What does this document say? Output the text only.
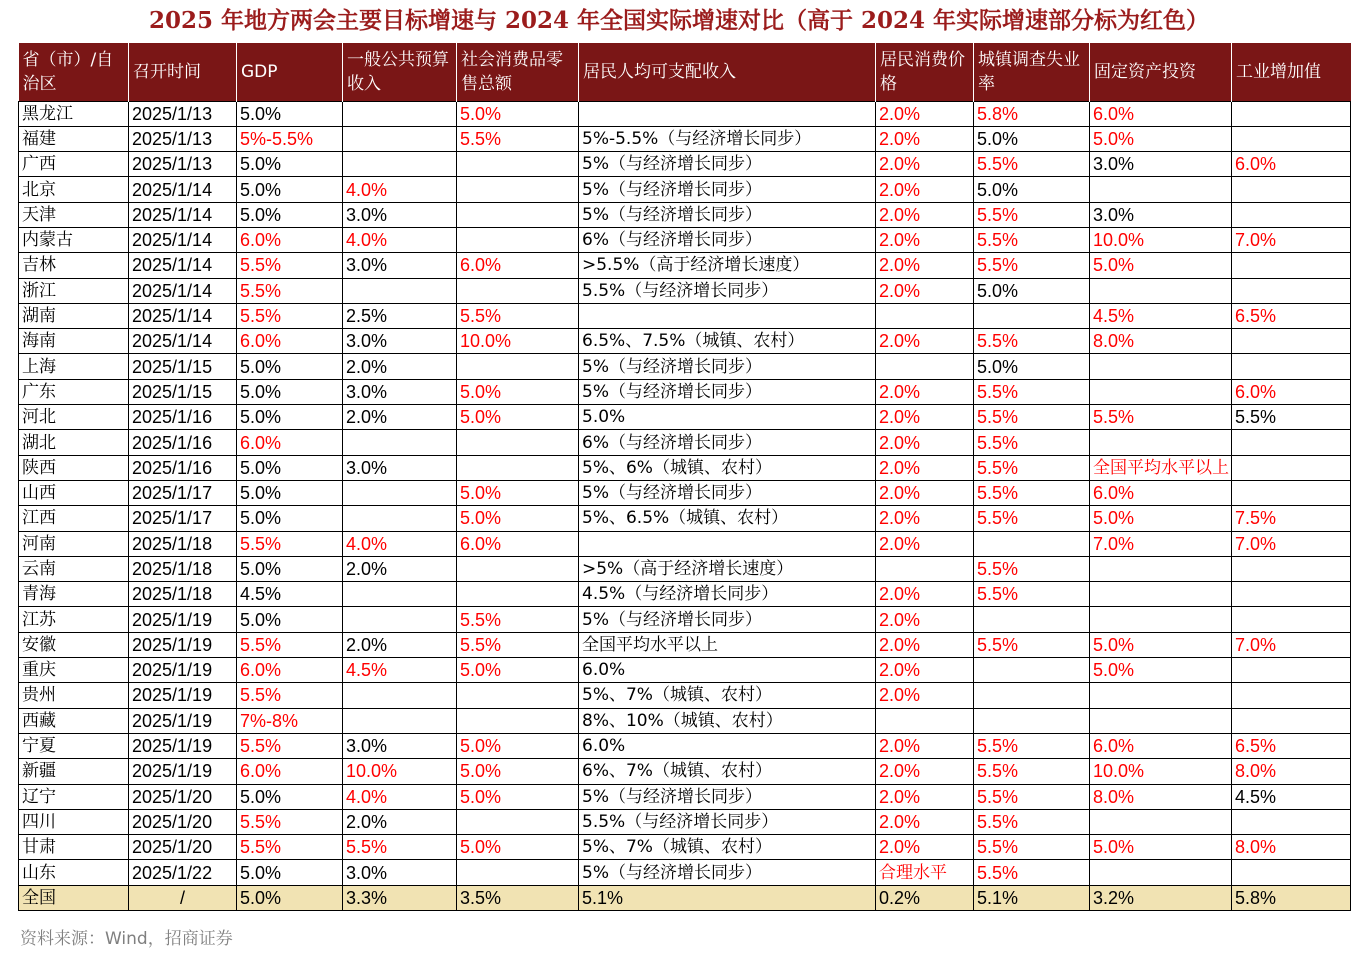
2025 年地方两会主要目标增速与 2024 年全国实际增速对比（高于 2024 年实际增速部分标为红色）
省（市）/自治区	召开时间	GDP	一般公共预算收入	社会消费品零售总额	居民人均可支配收入	居民消费价格	城镇调查失业率	固定资产投资	工业增加值
黑龙江	2025/1/13	5.0%		5.0%		2.0%	5.8%	6.0%	
福建	2025/1/13	5%-5.5%		5.5%	5%-5.5%（与经济增长同步）	2.0%	5.0%	5.0%	
广西	2025/1/13	5.0%			5%（与经济增长同步）	2.0%	5.5%	3.0%	6.0%
北京	2025/1/14	5.0%	4.0%		5%（与经济增长同步）	2.0%	5.0%		
天津	2025/1/14	5.0%	3.0%		5%（与经济增长同步）	2.0%	5.5%	3.0%	
内蒙古	2025/1/14	6.0%	4.0%		6%（与经济增长同步）	2.0%	5.5%	10.0%	7.0%
吉林	2025/1/14	5.5%	3.0%	6.0%	>5.5%（高于经济增长速度）	2.0%	5.5%	5.0%	
浙江	2025/1/14	5.5%			5.5%（与经济增长同步）	2.0%	5.0%		
湖南	2025/1/14	5.5%	2.5%	5.5%				4.5%	6.5%
海南	2025/1/14	6.0%	3.0%	10.0%	6.5%、7.5%（城镇、农村）	2.0%	5.5%	8.0%	
上海	2025/1/15	5.0%	2.0%		5%（与经济增长同步）		5.0%		
广东	2025/1/15	5.0%	3.0%	5.0%	5%（与经济增长同步）	2.0%	5.5%		6.0%
河北	2025/1/16	5.0%	2.0%	5.0%	5.0%	2.0%	5.5%	5.5%	5.5%
湖北	2025/1/16	6.0%			6%（与经济增长同步）	2.0%	5.5%		
陕西	2025/1/16	5.0%	3.0%		5%、6%（城镇、农村）	2.0%	5.5%	全国平均水平以上	
山西	2025/1/17	5.0%		5.0%	5%（与经济增长同步）	2.0%	5.5%	6.0%	
江西	2025/1/17	5.0%		5.0%	5%、6.5%（城镇、农村）	2.0%	5.5%	5.0%	7.5%
河南	2025/1/18	5.5%	4.0%	6.0%		2.0%		7.0%	7.0%
云南	2025/1/18	5.0%	2.0%		>5%（高于经济增长速度）		5.5%		
青海	2025/1/18	4.5%			4.5%（与经济增长同步）	2.0%	5.5%		
江苏	2025/1/19	5.0%		5.5%	5%（与经济增长同步）	2.0%			
安徽	2025/1/19	5.5%	2.0%	5.5%	全国平均水平以上	2.0%	5.5%	5.0%	7.0%
重庆	2025/1/19	6.0%	4.5%	5.0%	6.0%	2.0%		5.0%	
贵州	2025/1/19	5.5%			5%、7%（城镇、农村）	2.0%			
西藏	2025/1/19	7%-8%			8%、10%（城镇、农村）				
宁夏	2025/1/19	5.5%	3.0%	5.0%	6.0%	2.0%	5.5%	6.0%	6.5%
新疆	2025/1/19	6.0%	10.0%	5.0%	6%、7%（城镇、农村）	2.0%	5.5%	10.0%	8.0%
辽宁	2025/1/20	5.0%	4.0%	5.0%	5%（与经济增长同步）	2.0%	5.5%	8.0%	4.5%
四川	2025/1/20	5.5%	2.0%		5.5%（与经济增长同步）	2.0%	5.5%		
甘肃	2025/1/20	5.5%	5.5%	5.0%	5%、7%（城镇、农村）	2.0%	5.5%	5.0%	8.0%
山东	2025/1/22	5.0%	3.0%		5%（与经济增长同步）	合理水平	5.5%		
全国	/	5.0%	3.3%	3.5%	5.1%	0.2%	5.1%	3.2%	5.8%
资料来源：Wind，招商证券
